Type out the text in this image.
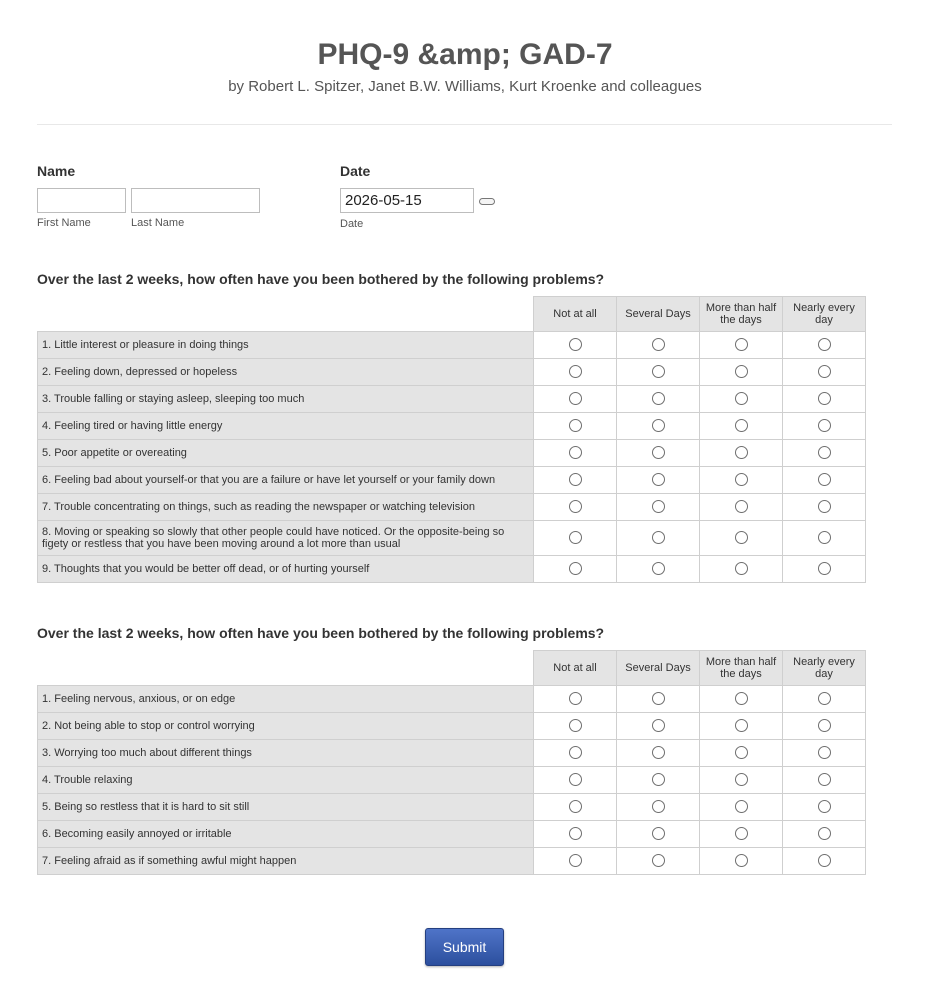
PHQ-9 &amp; GAD-7
by Robert L. Spitzer, Janet B.W. Williams, Kurt Kroenke and colleagues
Name
First Name	Last Name
Date
2026-05-15
Date
Over the last 2 weeks, how often have you been bothered by the following problems?
	Not at all	Several Days	More than half the days	Nearly every day
1. Little interest or pleasure in doing things				
2. Feeling down, depressed or hopeless				
3. Trouble falling or staying asleep, sleeping too much				
4. Feeling tired or having little energy				
5. Poor appetite or overeating				
6. Feeling bad about yourself-or that you are a failure or have let yourself or your family down				
7. Trouble concentrating on things, such as reading the newspaper or watching television				
8. Moving or speaking so slowly that other people could have noticed. Or the opposite-being so figety or restless that you have been moving around a lot more than usual				
9. Thoughts that you would be better off dead, or of hurting yourself				
Over the last 2 weeks, how often have you been bothered by the following problems?
	Not at all	Several Days	More than half the days	Nearly every day
1. Feeling nervous, anxious, or on edge				
2. Not being able to stop or control worrying				
3. Worrying too much about different things				
4. Trouble relaxing				
5. Being so restless that it is hard to sit still				
6. Becoming easily annoyed or irritable				
7. Feeling afraid as if something awful might happen				
Submit
